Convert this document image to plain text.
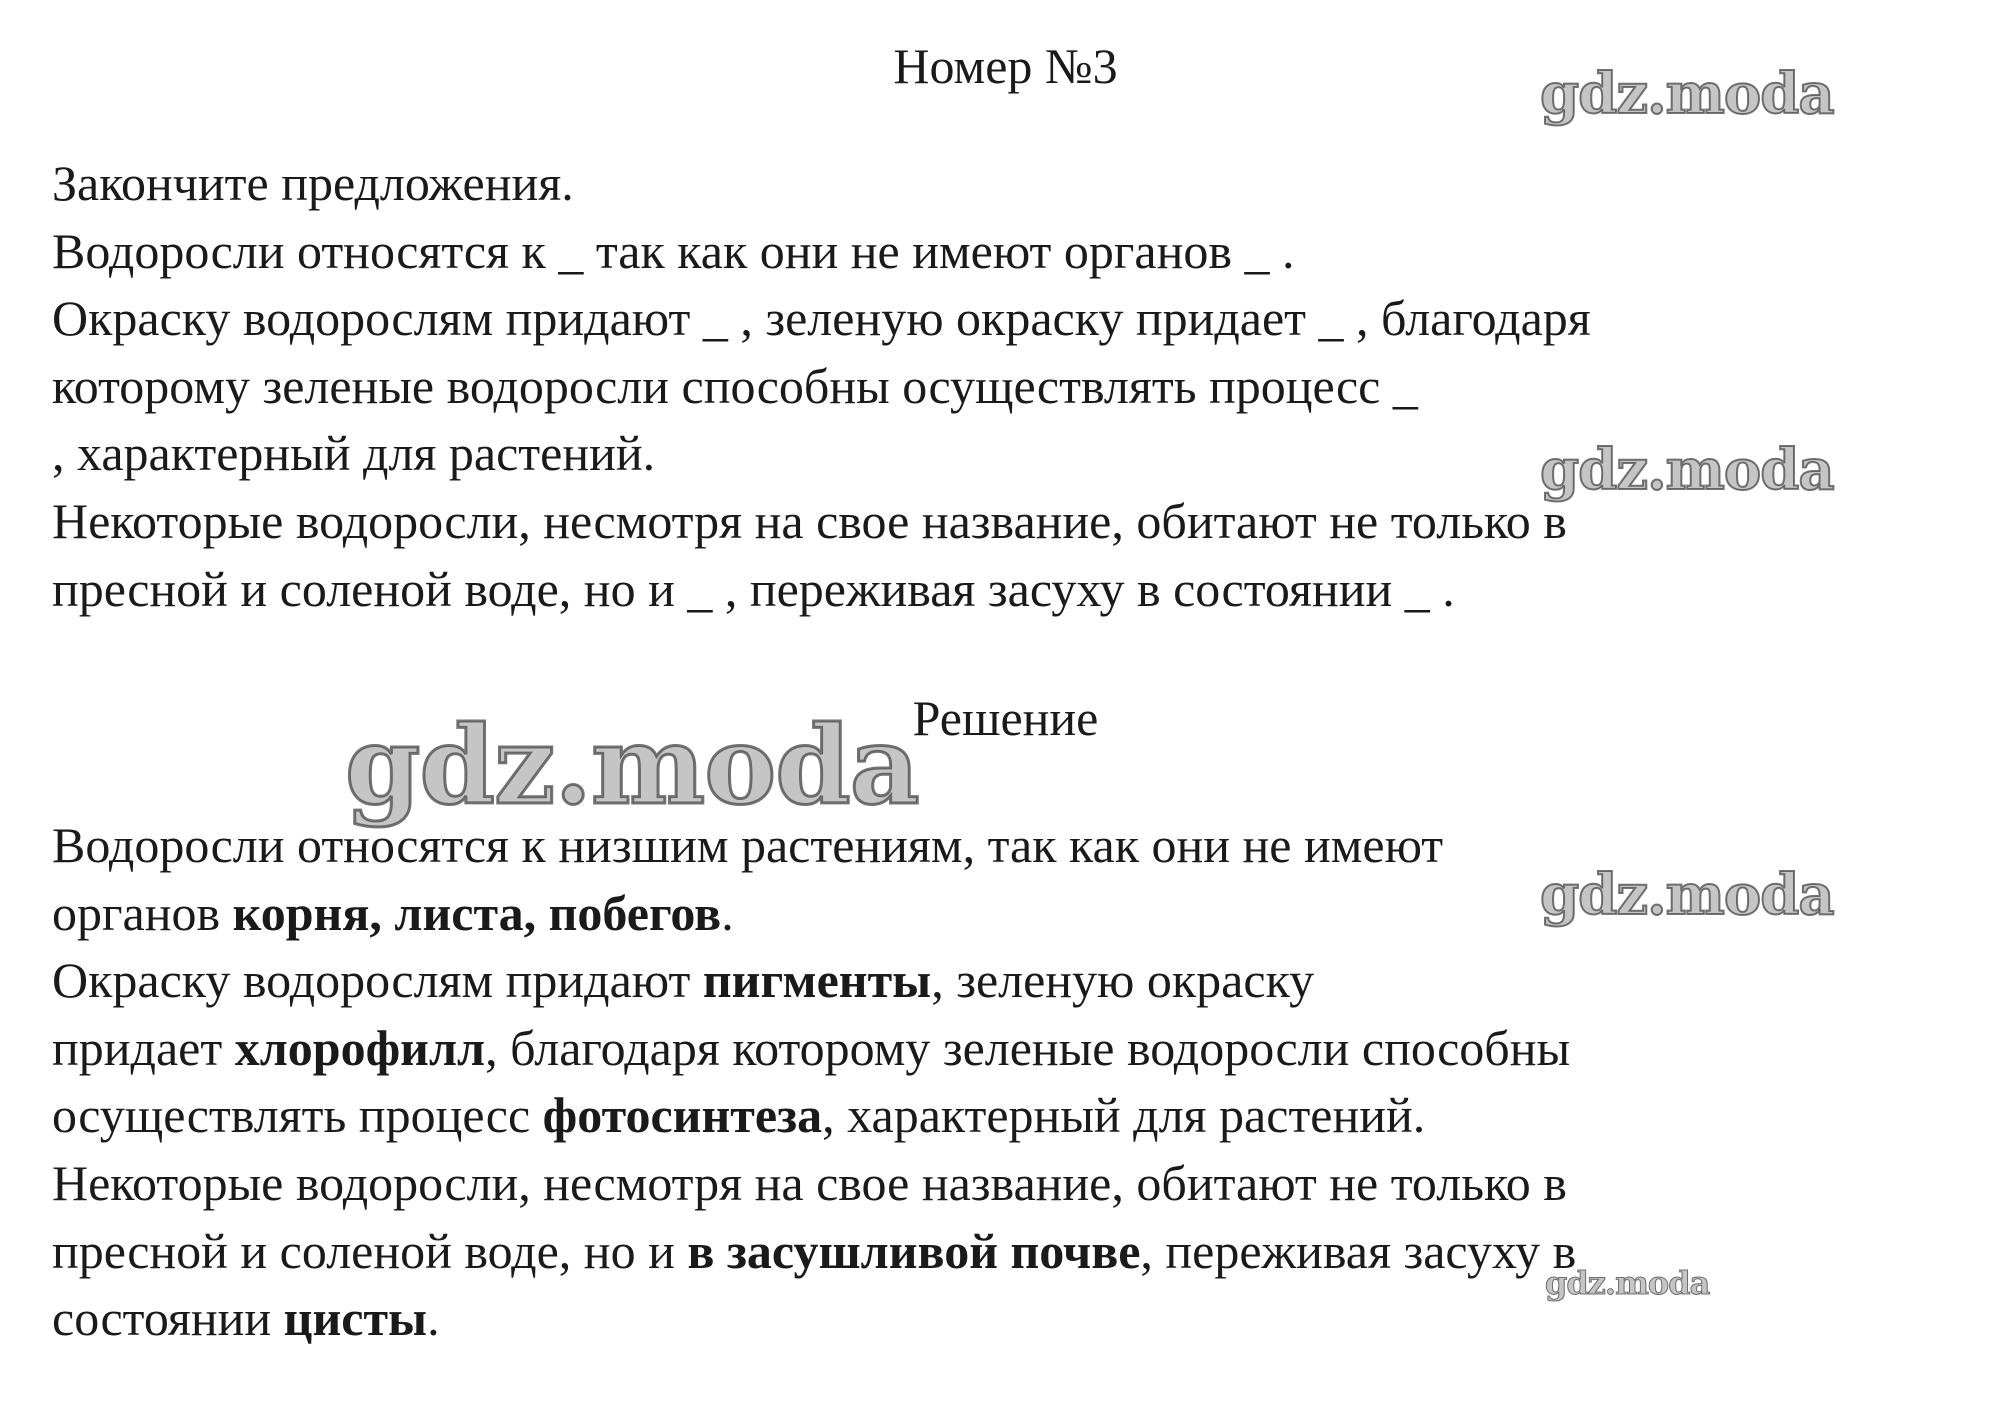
Номер №3
Закончите предложения.
Водоросли относятся к _ так как они не имеют органов _ .
Окраску водорослям придают _ , зеленую окраску придает _ , благодаря
которому зеленые водоросли способны осуществлять процесс _
, характерный для растений.
Некоторые водоросли, несмотря на свое название, обитают не только в
пресной и соленой воде, но и _ , переживая засуху в состоянии _ .
Решение
Водоросли относятся к низшим растениям, так как они не имеют
органов корня, листа, побегов.
Окраску водорослям придают пигменты, зеленую окраску
придает хлорофилл, благодаря которому зеленые водоросли способны
осуществлять процесс фотосинтеза, характерный для растений.
Некоторые водоросли, несмотря на свое название, обитают не только в
пресной и соленой воде, но и в засушливой почве, переживая засуху в
состоянии цисты.
gdz.moda
gdz.moda
gdz.moda
gdz.moda
gdz.moda
